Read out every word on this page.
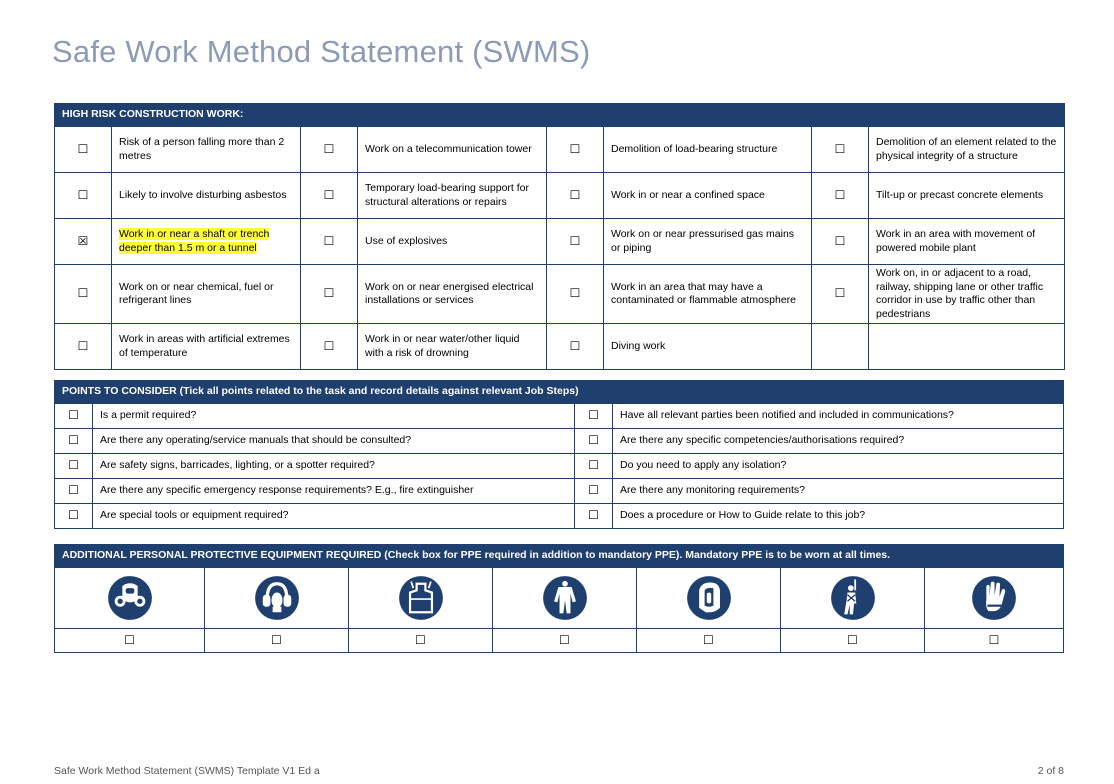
Safe Work Method Statement (SWMS)
HIGH RISK CONSTRUCTION WORK:							
☐	Risk of a person falling more than 2 metres	☐	Work on a telecommunication tower	☐	Demolition of load-bearing structure	☐	Demolition of an element related to the physical integrity of a structure
☐	Likely to involve disturbing asbestos	☐	Temporary load-bearing support for structural alterations or repairs	☐	Work in or near a confined space	☐	Tilt-up or precast concrete elements
☒	Work in or near a shaft or trench deeper than 1.5 m or a tunnel	☐	Use of explosives	☐	Work on or near pressurised gas mains or piping	☐	Work in an area with movement of powered mobile plant
☐	Work on or near chemical, fuel or refrigerant lines	☐	Work on or near energised electrical installations or services	☐	Work in an area that may have a contaminated or flammable atmosphere	☐	Work on, in or adjacent to a road, railway, shipping lane or other traffic corridor in use by traffic other than pedestrians
☐	Work in areas with artificial extremes of temperature	☐	Work in or near water/other liquid with a risk of drowning	☐	Diving work		
POINTS TO CONSIDER (Tick all points related to the task and record details against relevant Job Steps)			
☐	Is a permit required?	☐	Have all relevant parties been notified and included in communications?
☐	Are there any operating/service manuals that should be consulted?	☐	Are there any specific competencies/authorisations required?
☐	Are safety signs, barricades, lighting, or a spotter required?	☐	Do you need to apply any isolation?
☐	Are there any specific emergency response requirements? E.g., fire extinguisher	☐	Are there any monitoring requirements?
☐	Are special tools or equipment required?	☐	Does a procedure or How to Guide relate to this job?
ADDITIONAL PERSONAL PROTECTIVE EQUIPMENT REQUIRED (Check box for PPE required in addition to mandatory PPE). Mandatory PPE is to be worn at all times.						

☐	☐	☐	☐	☐	☐	☐
Safe Work Method Statement (SWMS) Template V1 Ed a	2 of 8
